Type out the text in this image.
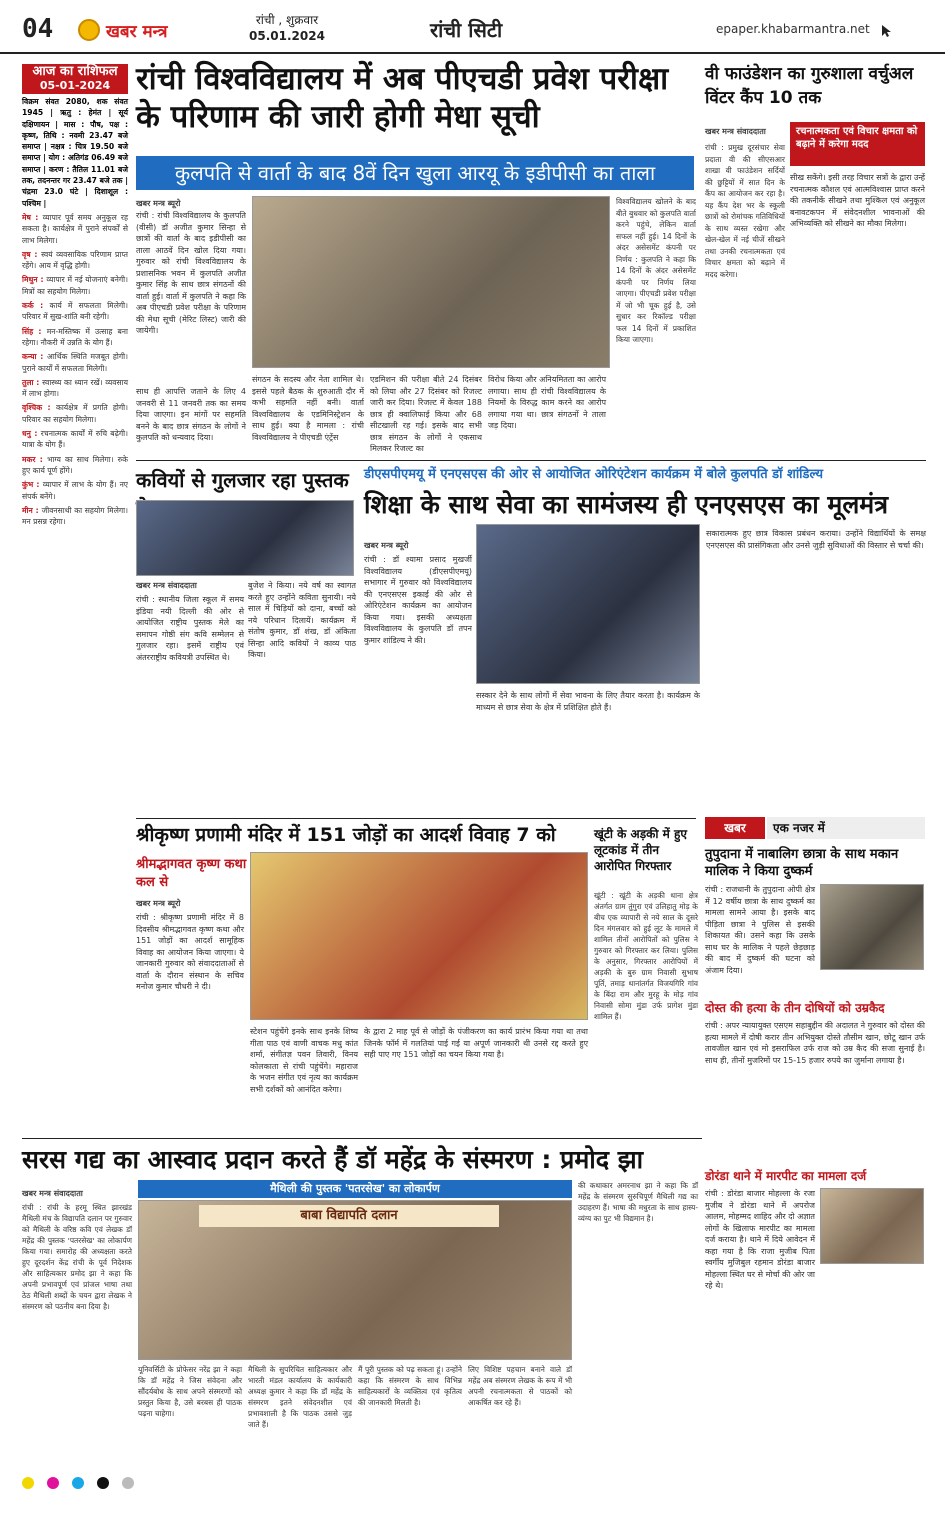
04	खबर मन्त्र
रांची , शुक्रवार
05.01.2024	रांची सिटी	epaper.khabarmantra.net
आज का राशिफल
05-01-2024

विक्रम संवत 2080, शक संवत 1945 | ऋतु : हेमंत | सूर्य दक्षिणायन | मास : पौष, पक्ष : कृष्ण, तिथि : नवमी 23.47 बजे समाप्त | नक्षत्र : चित्र 19.50 बजे समाप्त | योग : अतिगंड 06.49 बजे समाप्त | करण : तैतिल 11.01 बजे तक, तदनन्तर गर 23.47 बजे तक | चंद्रमा 23.0 घंटे | दिशाशूल : पश्चिम |

मेष : व्यापार पूर्व समय अनुकूल रह सकता है। कार्यक्षेत्र में पुराने संपर्कों से लाभ मिलेगा।

वृष : स्वयं व्यवसायिक परिणाम प्राप्त रहेंगे। आय में वृद्धि होगी।

मिथुन : व्यापार में नई योजनाएं बनेगी। मित्रों का सहयोग मिलेगा।

कर्क : कार्य में सफलता मिलेगी। परिवार में सुख-शांति बनी रहेगी।

सिंह : मन-मस्तिष्क में उत्साह बना रहेगा। नौकरी में उन्नति के योग हैं।

कन्या : आर्थिक स्थिति मजबूत होगी। पुराने कार्यों में सफलता मिलेगी।

तुला : स्वास्थ्य का ध्यान रखें। व्यवसाय में लाभ होगा।

वृश्चिक : कार्यक्षेत्र में प्रगति होगी। परिवार का सहयोग मिलेगा।

धनु : रचनात्मक कार्यों में रुचि बढ़ेगी। यात्रा के योग हैं।

मकर : भाग्य का साथ मिलेगा। रुके हुए कार्य पूर्ण होंगे।

कुंभ : व्यापार में लाभ के योग हैं। नए संपर्क बनेंगे।

मीन : जीवनसाथी का सहयोग मिलेगा। मन प्रसन्न रहेगा।

रांची विश्वविद्यालय में अब पीएचडी प्रवेश परीक्षा के परिणाम की जारी होगी मेधा सूची
कुलपति से वार्ता के बाद 8वें दिन खुला आरयू के इडीपीसी का ताला
खबर मन्त्र ब्यूरो
रांची : रांची विश्वविद्यालय के कुलपति (वीसी) डॉ अजीत कुमार सिन्हा से छात्रों की वार्ता के बाद इडीपीसी का ताला आठवें दिन खोल दिया गया। गुरुवार को रांची विश्वविद्यालय के प्रशासनिक भवन में कुलपति अजीत कुमार सिंह के साथ छात्र संगठनों की वार्ता हुई। वार्ता में कुलपति ने कहा कि अब पीएचडी प्रवेश परीक्षा के परिणाम की मेधा सूची (मेरिट लिस्ट) जारी की जायेगी।
विश्वविद्यालय खोलने के बाद बीते बुधवार को कुलपति वार्ता करने पहुंचे, लेकिन वार्ता सफल नहीं हुई। 14 दिनों के अंदर असेसमेंट कंपनी पर निर्णय : कुलपति ने कहा कि 14 दिनों के अंदर असेसमेंट कंपनी पर निर्णय लिया जाएगा। पीएचडी प्रवेश परीक्षा में जो भी चूक हुई है, उसे सुधार कर रिकॉल्ड परीक्षा फल 14 दिनों में प्रकाशित किया जाएगा।
साथ ही आपत्ति जताने के लिए 4 जनवरी से 11 जनवरी तक का समय दिया जाएगा। इन मांगों पर सहमति बनने के बाद छात्र संगठन के लोगों ने कुलपति को धन्यवाद दिया।
संगठन के सदस्य और नेता शामिल थे। इससे पहले बैठक के शुरुआती दौर में कभी सहमति नहीं बनी। वार्ता विश्वविद्यालय के एडमिनिस्ट्रेशन के साथ हुई। क्या है मामला : रांची विश्वविद्यालय ने पीएचडी एंट्रेंस
एडमिशन की परीक्षा बीते 24 दिसंबर को लिया और 27 दिसंबर को रिजल्ट जारी कर दिया। रिजल्ट में केवल 188 छात्र ही क्वालिफाई किया और 68 सीटखाली रह गई। इसके बाद सभी छात्र संगठन के लोगों ने एकसाथ मिलकर रिजल्ट का
विरोध किया और अनियमितता का आरोप लगाया। साथ ही रांची विश्वविद्यालय के नियमों के विरुद्ध काम करने का आरोप लगाया गया था। छात्र संगठनों ने ताला जड़ दिया।
वी फाउंडेशन का गुरुशाला वर्चुअल विंटर कैंप 10 तक
खबर मन्त्र संवाददाता	रचनात्मकता एवं विचार क्षमता को बढ़ाने में करेगा मदद
रांची : प्रमुख दूरसंचार सेवा प्रदाता वी की सीएसआर शाखा वी फाउंडेशन सर्दियों की छुट्टियों में सात दिन के कैंप का आयोजन कर रहा है। यह कैंप देश भर के स्कूली छात्रों को रोमांचक गतिविधियों के साथ व्यस्त रखेगा और खेल-खेल में नई चीजें सीखने तथा उनकी रचनात्मकता एवं विचार क्षमता को बढ़ाने में मदद करेगा।
सीख सकेंगे। इसी तरह विचार सत्रों के द्वारा उन्हें रचनात्मक कौशल एवं आत्मविश्वास प्राप्त करने की तकनीकें सीखने तथा मुश्किल एवं अनुकूल बनावटकपन में संवेदनशील भावनाओं की अभिव्यक्ति को सीखने का मौका मिलेगा।
कवियों से गुलजार रहा पुस्तक
खबर मन्त्र संवाददाता
रांची : स्थानीय जिला स्कूल में समय इंडिया नयी दिल्ली की ओर से आयोजित राष्ट्रीय पुस्तक मेले का समापन गोष्ठी संग कवि सम्मेलन से गुलजार रहा। इसमें राष्ट्रीय एवं अंतरराष्ट्रीय कवियत्री उपस्थित थे।
बुजेश ने किया। नये वर्ष का स्वागत करते हुए उन्होंने कविता सुनायी। नये साल में चिड़ियों को दाना, बच्चों को नये परिधान दिलायें। कार्यक्रम में संतोष कुमार, डॉ शंख, डॉ अंकिता सिन्हा आदि कवियों ने काव्य पाठ किया।
डीएसपीएमयू में एनएसएस की ओर से आयोजित ओरिएंटेशन कार्यक्रम में बोले कुलपति डॉ शांडिल्य
शिक्षा के साथ सेवा का सामंजस्य ही एनएसएस का मूलमंत्र
खबर मन्त्र ब्यूरो
रांची : डॉ श्यामा प्रसाद मुखर्जी विश्वविद्यालय (डीएसपीएमयू) सभागार में गुरुवार को विश्वविद्यालय की एनएसएस इकाई की ओर से ओरिएंटेशन कार्यक्रम का आयोजन किया गया। इसकी अध्यक्षता विश्वविद्यालय के कुलपति डॉ तपन कुमार शांडिल्य ने की।
सस्कार देने के साथ लोगों में सेवा भावना के लिए तैयार करता है। कार्यक्रम के माध्यम से छात्र सेवा के क्षेत्र में प्रशिक्षित होते हैं।
सकारात्मक हुए छात्र विकास प्रबंधन कराया। उन्होंने विद्यार्थियों के समक्ष एनएसएस की प्रासंगिकता और उनसे जुड़ी सुविधाओं की विस्तार से चर्चा की।
श्रीकृष्ण प्रणामी मंदिर में 151 जोड़ों का आदर्श विवाह 7 को
श्रीमद्भागवत कृष्ण कथा कल से
खबर मन्त्र ब्यूरो
रांची : श्रीकृष्ण प्रणामी मंदिर में 8 दिवसीय श्रीमद्भागवत कृष्ण कथा और 151 जोड़ों का आदर्श सामूहिक विवाह का आयोजन किया जाएगा। ये जानकारी गुरुवार को संवाददाताओं से वार्ता के दौरान संस्थान के सचिव मनोज कुमार चौधरी ने दी।
स्टेशन पहुंचेंगे इनके साथ इनके शिष्य गीता पाठ एवं वाणी वाचक मधु कांत शर्मा, संगीतज्ञ पवन तिवारी, विनय कोलकाता से रांची पहुंचेंगे। महाराज के भजन संगीत एवं नृत्य का कार्यक्रम सभी दर्शकों को आनंदित करेगा।
के द्वारा 2 माह पूर्व से जोड़ों के पंजीकरण का कार्य प्रारंभ किया गया था तथा जिनके फॉर्म में गलतियां पाई गई या अपूर्ण जानकारी थी उनसे रद्द करते हुए सही पाए गए 151 जोड़ों का चयन किया गया है।
खूंटी के अड़की में हुए लूटकांड में तीन आरोपित गिरफ्तार
खूंटी : खूंटी के अड़की थाना क्षेत्र अंतर्गत ग्राम तुंगुरा एवं उलिहातु मोड़ के बीच एक व्यापारी से नये साल के दूसरे दिन मंगलवार को हुई लूट के मामले में शामिल तीनों आरोपितों को पुलिस ने गुरुवार को गिरफ्तार कर लिया। पुलिस के अनुसार, गिरफ्तार आरोपियों में अड़की के बुरु ग्राम निवासी सुभाष पूर्ति, तमाड़ थानांतर्गत विजयगिरि गांव के बिंदा राम और मुरहू के मोड़ गांव निवासी सोमा मुंडा उर्फ प्रागेश मुंडा शामिल हैं।
खबर	एक नजर में
तुपुदाना में नाबालिग छात्रा के साथ मकान मालिक ने किया दुष्कर्म
रांची : राजधानी के तुपुदाना ओपी क्षेत्र में 12 वर्षीय छात्रा के साथ दुष्कर्म का मामला सामने आया है। इसके बाद पीड़िता छात्रा ने पुलिस से इसकी शिकायत की। उसने कहा कि उसके साथ घर के मालिक ने पहले छेड़छाड़ की बाद में दुष्कर्म की घटना को अंजाम दिया।
दोस्त की हत्या के तीन दोषियों को उम्रकैद
रांची : अपर न्यायायुक्त एसएम सहाबुद्दीन की अदालत ने गुरुवार को दोस्त की हत्या मामले में दोषी करार तीन अभियुक्त दोस्ते तौसीम खान, छोटू खान उर्फ तावजील खान एवं मो इसराफिल उर्फ राज को उम्र कैद की सजा सुनाई है। साथ ही, तीनों मुजरिमों पर 15-15 हजार रुपये का जुर्माना लगाया है।
डोरंडा थाने में मारपीट का मामला दर्ज
रांची : डोरंडा बाजार मोहल्ला के रजा मुजीब ने डोरंडा थाने में अपरोज आलम, मोहम्मद शाहिद और दो अज्ञात लोगों के खिलाफ मारपीट का मामला दर्ज कराया है। थाने में दिये आवेदन में कहा गया है कि राजा मुजीब पिता स्वर्गीय मुजिबुल रहमान डोरंडा बाजार मोहल्ला स्थित घर से मोर्चा की ओर जा रहे थे।
सरस गद्य का आस्वाद प्रदान करते हैं डॉ महेंद्र के संस्मरण : प्रमोद झा
खबर मन्त्र संवाददाता
रांची : रांची के हरमू स्थित झारखंड मैथिली मंच के विद्यापति दलान पर गुरुवार को मैथिली के वरिष्ठ कवि एवं लेखक डॉ महेंद्र की पुस्तक 'पतरसेख' का लोकार्पण किया गया। समारोह की अध्यक्षता करते हुए दूरदर्शन केंद्र रांची के पूर्व निदेशक और साहित्यकार प्रमोद झा ने कहा कि अपनी प्रभावपूर्ण एवं प्रांजल भाषा तथा ठेठ मैथिली शब्दों के चयन द्वारा लेखक ने संस्मरण को पठनीय बना दिया है।
मैथिली की पुस्तक 'पतरसेख' का लोकार्पण
बाबा विद्यापति दलान
यूनिवर्सिटी के प्रोफेसर नरेंद्र झा ने कहा कि डॉ महेंद्र ने जिस संवेदना और सौंदर्यबोध के साथ अपने संस्मरणों को प्रस्तुत किया है, उसे बरबस ही पाठक पढ़ना चाहेगा।
मैथिली के सुपरिचित साहित्यकार और भारती मंडल कार्यालय के कार्यकारी अध्यक्ष कुमार ने कहा कि डॉ महेंद्र के संस्मरण इतने संवेदनशील एवं प्रभावशाली है कि पाठक उससे जुड़ जाते हैं।
मैं पूरी पुस्तक को पढ़ सकता हूं। उन्होंने कहा कि संस्मरण के साथ विभिन्न साहित्यकारों के व्यक्तित्व एवं कृतित्व की जानकारी मिलती है।
लिए विशिष्ट पहचान बनाने वाले डॉ महेंद्र अब संस्मरण लेखक के रूप में भी अपनी रचनात्मकता से पाठकों को आकर्षित कर रहे हैं।
की कथाकार अमरनाथ झा ने कहा कि डॉ महेंद्र के संस्मरण सुरुचिपूर्ण मैथिली गद्य का उदाहरण हैं। भाषा की मधुरता के साथ हास्य-व्यंग्य का पुट भी विद्यमान है।
